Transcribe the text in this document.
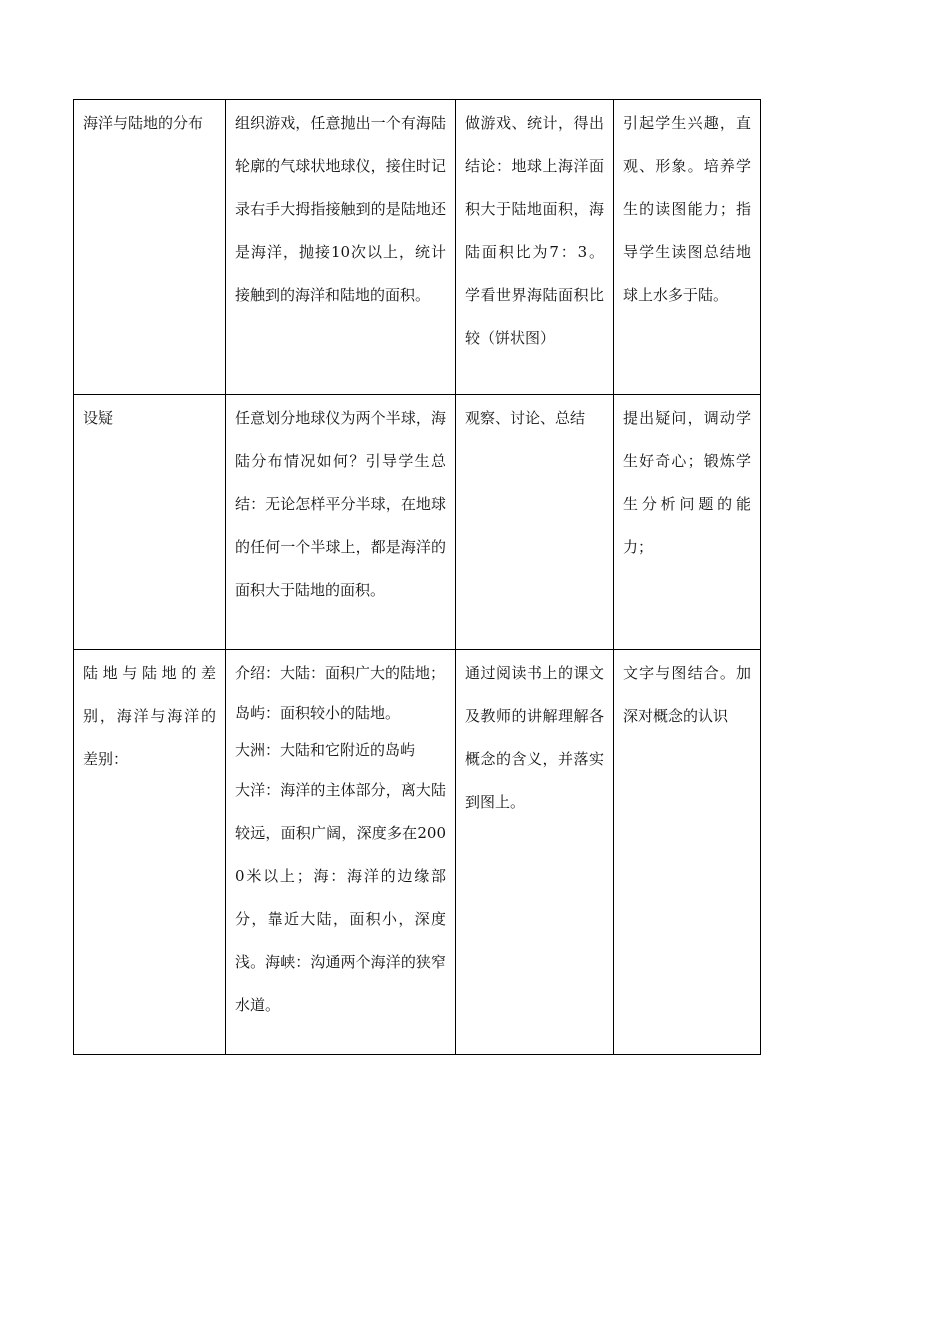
海洋与陆地的分布	组织游戏，任意抛出一个有海陆轮廓的气球状地球仪，接住时记录右手大拇指接触到的是陆地还是海洋，抛接10次以上，统计接触到的海洋和陆地的面积。	做游戏、统计，得出结论：地球上海洋面积大于陆地面积，海陆面积比为7：3。学看世界海陆面积比较（饼状图）	引起学生兴趣，直观、形象。培养学生的读图能力；指导学生读图总结地球上水多于陆。
设疑	任意划分地球仪为两个半球，海陆分布情况如何？引导学生总结：无论怎样平分半球，在地球的任何一个半球上，都是海洋的面积大于陆地的面积。	观察、讨论、总结	提出疑问，调动学生好奇心；锻炼学生分析问题的能力；
陆地与陆地的差别，海洋与海洋的差别：	介绍：大陆：面积广大的陆地；
岛屿：面积较小的陆地。
大洲：大陆和它附近的岛屿
大洋：海洋的主体部分，离大陆较远，面积广阔，深度多在2000米以上；海：海洋的边缘部分，靠近大陆，面积小，深度浅。海峡：沟通两个海洋的狭窄水道。	通过阅读书上的课文及教师的讲解理解各概念的含义，并落实到图上。	文字与图结合。加深对概念的认识
